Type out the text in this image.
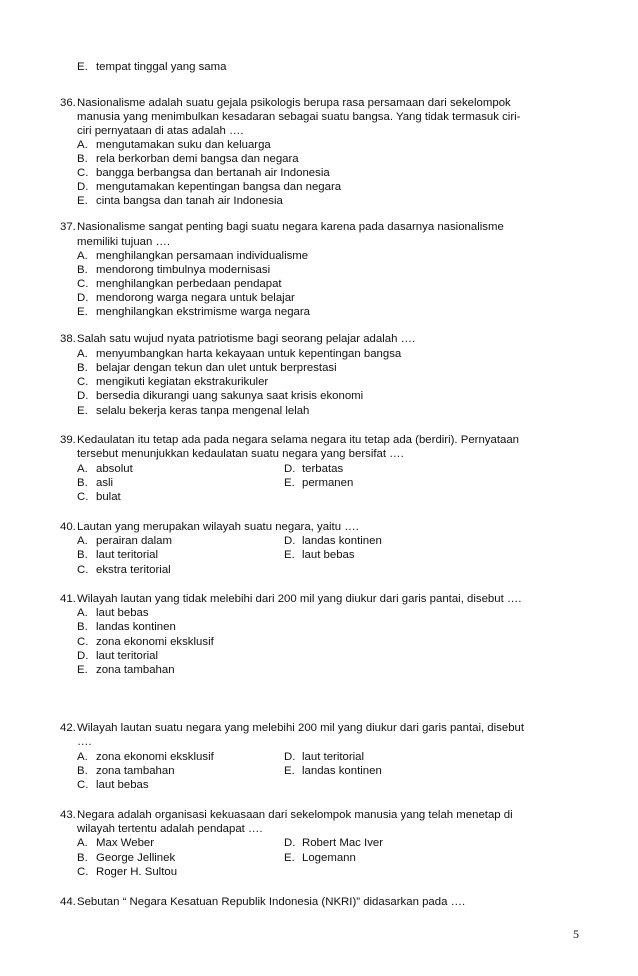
E. tempat tinggal yang sama
36. Nasionalisme adalah suatu gejala psikologis berupa rasa persamaan dari sekelompok
manusia yang menimbulkan kesadaran sebagai suatu bangsa. Yang tidak termasuk ciri-
ciri pernyataan di atas adalah ….
A. mengutamakan suku dan keluarga
B. rela berkorban demi bangsa dan negara
C. bangga berbangsa dan bertanah air Indonesia
D. mengutamakan kepentingan bangsa dan negara
E. cinta bangsa dan tanah air Indonesia
37. Nasionalisme sangat penting bagi suatu negara karena pada dasarnya nasionalisme
memiliki tujuan ….
A. menghilangkan persamaan individualisme
B. mendorong timbulnya modernisasi
C. menghilangkan perbedaan pendapat
D. mendorong warga negara untuk belajar
E. menghilangkan ekstrimisme warga negara
38. Salah satu wujud nyata patriotisme bagi seorang pelajar adalah ….
A. menyumbangkan harta kekayaan untuk kepentingan bangsa
B. belajar dengan tekun dan ulet untuk berprestasi
C. mengikuti kegiatan ekstrakurikuler
D. bersedia dikurangi uang sakunya saat krisis ekonomi
E. selalu bekerja keras tanpa mengenal lelah
39. Kedaulatan itu tetap ada pada negara selama negara itu tetap ada (berdiri). Pernyataan
tersebut menunjukkan kedaulatan suatu negara yang bersifat ….
A. absolut	D. terbatas
B. asli	E. permanen
C. bulat
40. Lautan yang merupakan wilayah suatu negara, yaitu ….
A. perairan dalam	D. landas kontinen
B. laut teritorial	E. laut bebas
C. ekstra teritorial
41. Wilayah lautan yang tidak melebihi dari 200 mil yang diukur dari garis pantai, disebut ….
A. laut bebas
B. landas kontinen
C. zona ekonomi eksklusif
D. laut teritorial
E. zona tambahan
42. Wilayah lautan suatu negara yang melebihi 200 mil yang diukur dari garis pantai, disebut
….
A. zona ekonomi eksklusif	D. laut teritorial
B. zona tambahan	E. landas kontinen
C. laut bebas
43. Negara adalah organisasi kekuasaan dari sekelompok manusia yang telah menetap di
wilayah tertentu adalah pendapat ….
A. Max Weber	D. Robert Mac Iver
B. George Jellinek	E. Logemann
C. Roger H. Sultou
44. Sebutan “ Negara Kesatuan Republik Indonesia (NKRI)” didasarkan pada ….
5
